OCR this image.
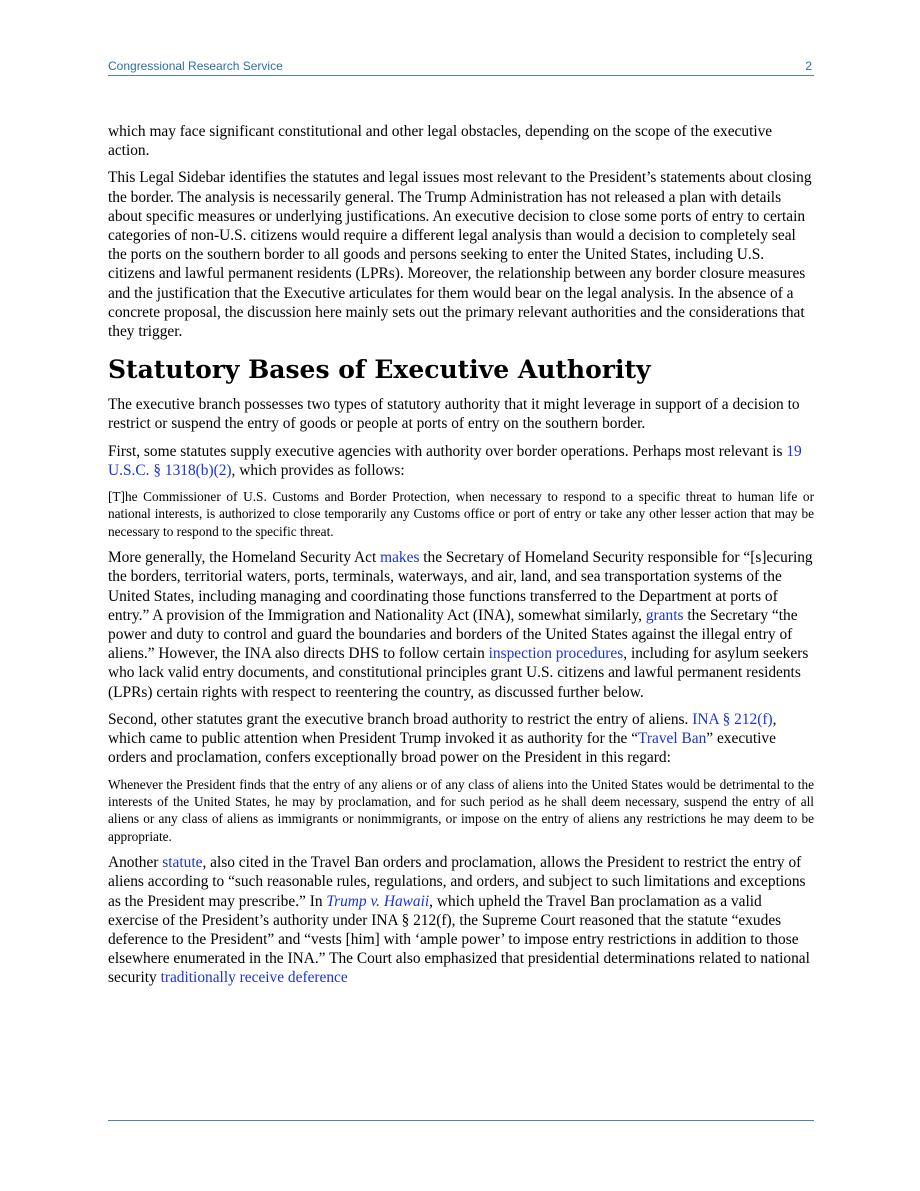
Congressional Research Service	2

which may face significant constitutional and other legal obstacles, depending on the scope of the executive action.

This Legal Sidebar identifies the statutes and legal issues most relevant to the President’s statements about closing the border. The analysis is necessarily general. The Trump Administration has not released a plan with details about specific measures or underlying justifications. An executive decision to close some ports of entry to certain categories of non-U.S. citizens would require a different legal analysis than would a decision to completely seal the ports on the southern border to all goods and persons seeking to enter the United States, including U.S. citizens and lawful permanent residents (LPRs). Moreover, the relationship between any border closure measures and the justification that the Executive articulates for them would bear on the legal analysis. In the absence of a concrete proposal, the discussion here mainly sets out the primary relevant authorities and the considerations that they trigger.

Statutory Bases of Executive Authority

The executive branch possesses two types of statutory authority that it might leverage in support of a decision to restrict or suspend the entry of goods or people at ports of entry on the southern border.

First, some statutes supply executive agencies with authority over border operations. Perhaps most relevant is 19 U.S.C. § 1318(b)(2), which provides as follows:

[T]he Commissioner of U.S. Customs and Border Protection, when necessary to respond to a specific threat to human life or national interests, is authorized to close temporarily any Customs office or port of entry or take any other lesser action that may be necessary to respond to the specific threat.

More generally, the Homeland Security Act makes the Secretary of Homeland Security responsible for “[s]ecuring the borders, territorial waters, ports, terminals, waterways, and air, land, and sea transportation systems of the United States, including managing and coordinating those functions transferred to the Department at ports of entry.” A provision of the Immigration and Nationality Act (INA), somewhat similarly, grants the Secretary “the power and duty to control and guard the boundaries and borders of the United States against the illegal entry of aliens.” However, the INA also directs DHS to follow certain inspection procedures, including for asylum seekers who lack valid entry documents, and constitutional principles grant U.S. citizens and lawful permanent residents (LPRs) certain rights with respect to reentering the country, as discussed further below.

Second, other statutes grant the executive branch broad authority to restrict the entry of aliens. INA § 212(f), which came to public attention when President Trump invoked it as authority for the “Travel Ban” executive orders and proclamation, confers exceptionally broad power on the President in this regard:

Whenever the President finds that the entry of any aliens or of any class of aliens into the United States would be detrimental to the interests of the United States, he may by proclamation, and for such period as he shall deem necessary, suspend the entry of all aliens or any class of aliens as immigrants or nonimmigrants, or impose on the entry of aliens any restrictions he may deem to be appropriate.

Another statute, also cited in the Travel Ban orders and proclamation, allows the President to restrict the entry of aliens according to “such reasonable rules, regulations, and orders, and subject to such limitations and exceptions as the President may prescribe.” In Trump v. Hawaii, which upheld the Travel Ban proclamation as a valid exercise of the President’s authority under INA § 212(f), the Supreme Court reasoned that the statute “exudes deference to the President” and “vests [him] with ‘ample power’ to impose entry restrictions in addition to those elsewhere enumerated in the INA.” The Court also emphasized that presidential determinations related to national security traditionally receive deference
